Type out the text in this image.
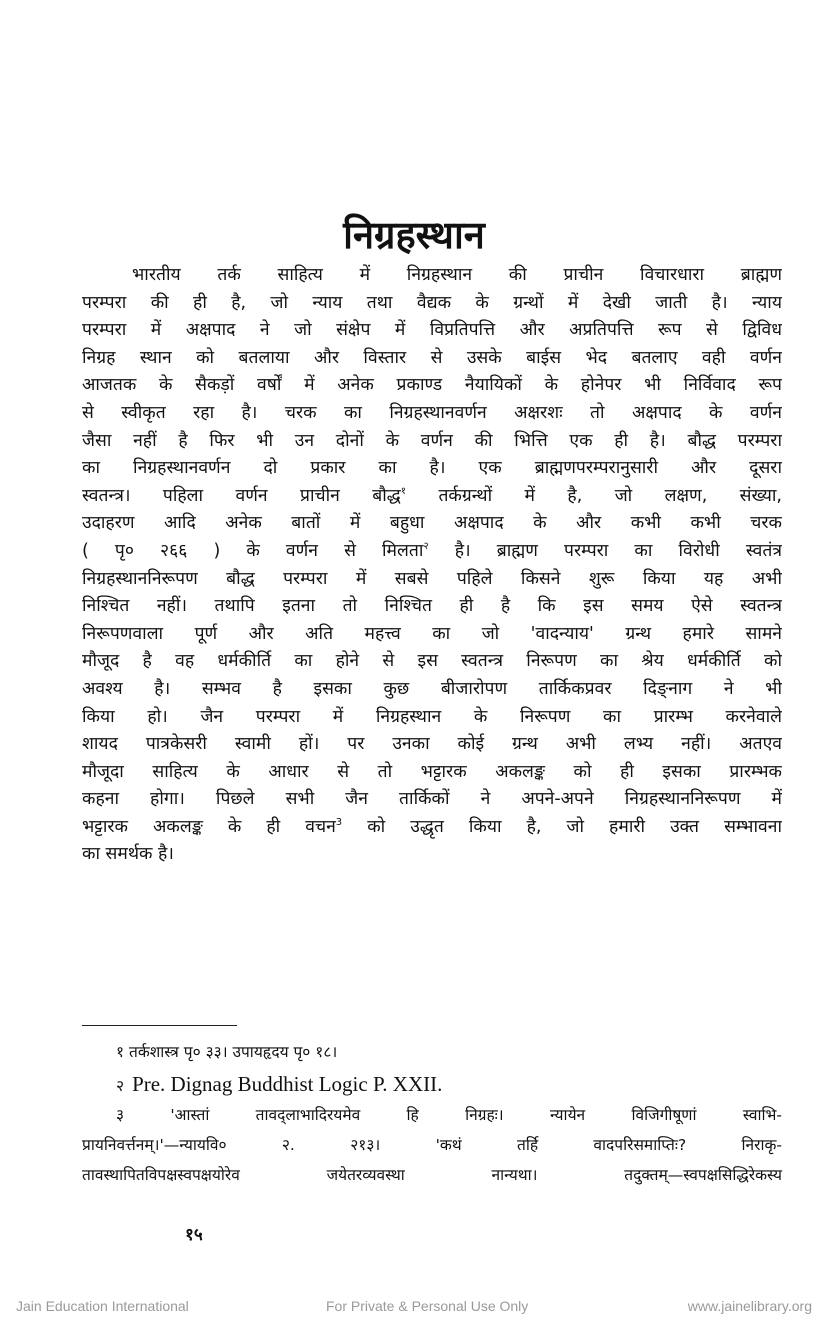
निग्रहस्थान
भारतीय तर्क साहित्य में निग्रहस्थान की प्राचीन विचारधारा ब्राह्मण
परम्परा की ही है, जो न्याय तथा वैद्यक के ग्रन्थों में देखी जाती है। न्याय
परम्परा में अक्षपाद ने जो संक्षेप में विप्रतिपत्ति और अप्रतिपत्ति रूप से द्विविध
निग्रह स्थान को बतलाया और विस्तार से उसके बाईस भेद बतलाए वही वर्णन
आजतक के सैकड़ों वर्षों में अनेक प्रकाण्ड नैयायिकों के होनेपर भी निर्विवाद रूप
से स्वीकृत रहा है। चरक का निग्रहस्थानवर्णन अक्षरशः तो अक्षपाद के वर्णन
जैसा नहीं है फिर भी उन दोनों के वर्णन की भित्ति एक ही है। बौद्ध परम्परा
का निग्रहस्थानवर्णन दो प्रकार का है। एक ब्राह्मणपरम्परानुसारी और दूसरा
स्वतन्त्र। पहिला वर्णन प्राचीन बौद्ध$^१$ तर्कग्रन्थों में है, जो लक्षण, संख्या,
उदाहरण आदि अनेक बातों में बहुधा अक्षपाद के और कभी कभी चरक
( पृ० २६६ ) के वर्णन से मिलता$^२$ है। ब्राह्मण परम्परा का विरोधी स्वतंत्र
निग्रहस्थाननिरूपण बौद्ध परम्परा में सबसे पहिले किसने शुरू किया यह अभी
निश्चित नहीं। तथापि इतना तो निश्चित ही है कि इस समय ऐसे स्वतन्त्र
निरूपणवाला पूर्ण और अति महत्त्व का जो 'वादन्याय' ग्रन्थ हमारे सामने
मौजूद है वह धर्मकीर्ति का होने से इस स्वतन्त्र निरूपण का श्रेय धर्मकीर्ति को
अवश्य है। सम्भव है इसका कुछ बीजारोपण तार्किकप्रवर दिङ्नाग ने भी
किया हो। जैन परम्परा में निग्रहस्थान के निरूपण का प्रारम्भ करनेवाले
शायद पात्रकेसरी स्वामी हों। पर उनका कोई ग्रन्थ अभी लभ्य नहीं। अतएव
मौजूदा साहित्य के आधार से तो भट्टारक अकलङ्क को ही इसका प्रारम्भक
कहना होगा। पिछले सभी जैन तार्किकों ने अपने-अपने निग्रहस्थाननिरूपण में
भट्टारक अकलङ्क के ही वचन$^3$ को उद्धृत किया है, जो हमारी उक्त सम्भावना
का समर्थक है।
१ तर्कशास्त्र पृ० ३३। उपायहृदय पृ० १८।
२ Pre. Dignag Buddhist Logic P. XXII.
३ 'आस्तां तावद्लाभादिरयमेव हि निग्रहः। न्यायेन विजिगीषूणां स्वाभि-
प्रायनिवर्त्तनम्।'—न्यायवि० २. २१३। 'कथं तर्हि वादपरिसमाप्तिः? निराकृ-
तावस्थापितविपक्षस्वपक्षयोरेव जयेतरव्यवस्था नान्यथा। तदुक्तम्—स्वपक्षसिद्धिरेकस्य
१५
Jain Education International	For Private & Personal Use Only	www.jainelibrary.org
